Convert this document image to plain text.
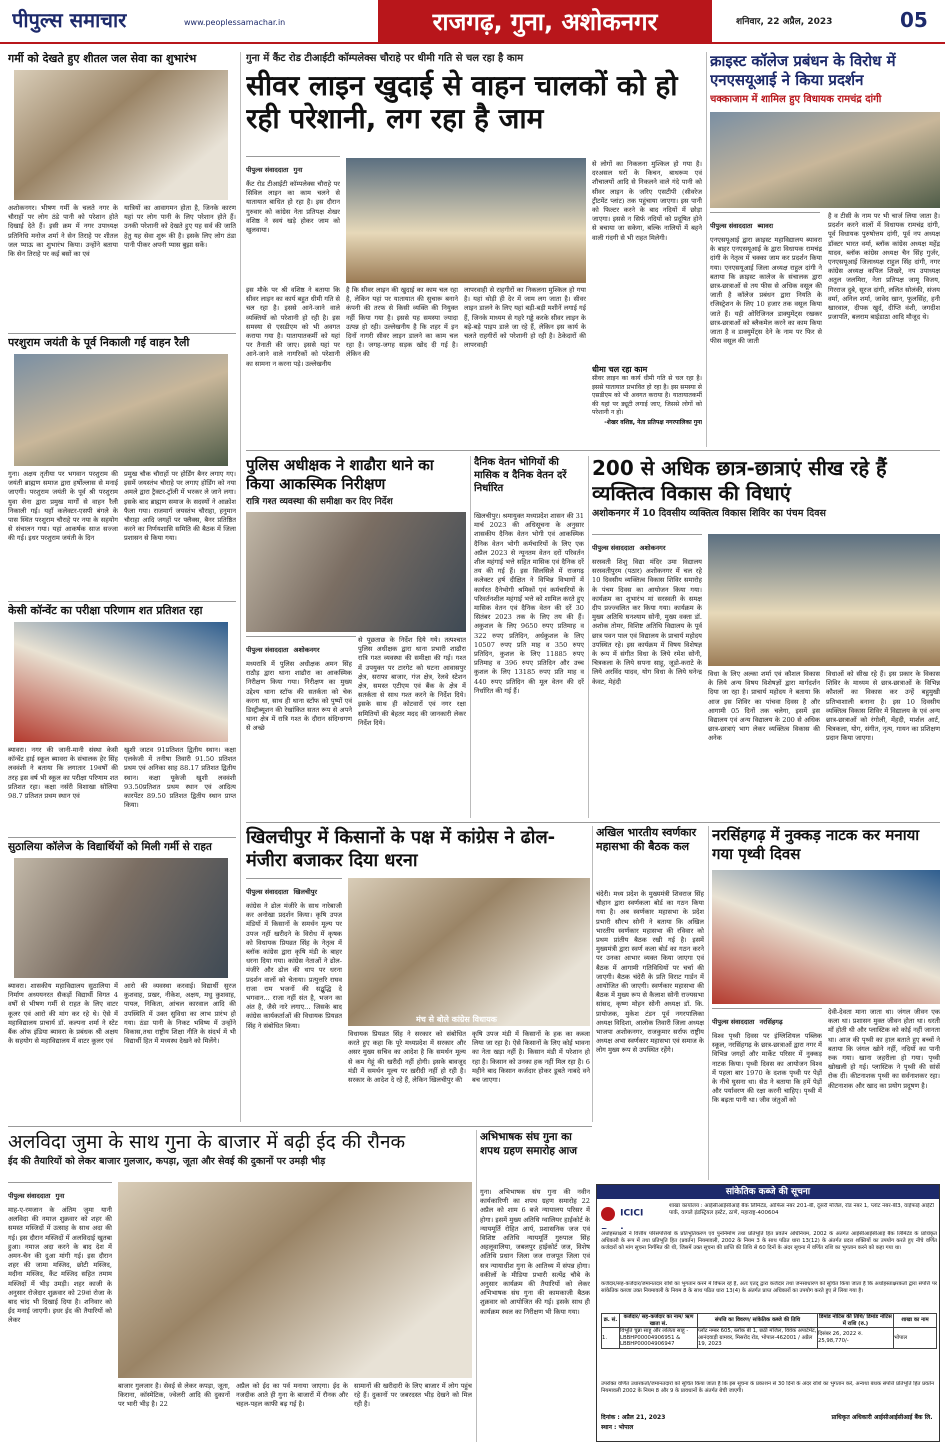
पीपुल्स समाचार	www.peoplessamachar.in	राजगढ़, गुना, अशोकनगर	शनिवार, 22 अप्रैल, 2023	05
गर्मी को देखते हुए शीतल जल सेवा का शुभारंभ
अशोकनगर। भीषण गर्मी के चलते नगर के चौराहों पर लोग ठंडे पानी को परेशान होते दिखाई देते हैं। इसी क्रम में नगर उपाध्यक्ष प्रतिनिधि मनोज शर्मा ने सेन तिराहे पर शीतल जल प्याऊ का शुभारंभ किया। उन्होंने बताया कि सेन तिराहे पर कई बसों का एवं
यात्रियों का आवागमन होता है, जिनके कारण यहां पर लोग पानी के लिए परेशान होते हैं। उनकी परेशानी को देखते हुए यह सर्व की जाति हेतु यह सेवा शुरू की है। इसके लिए लोग ठंडा पानी पीकर अपनी प्यास बुझा सकें।
परशुराम जयंती के पूर्व निकाली गई वाहन रैली
गुना। अक्षय तृतीया पर भगवान परशुराम की जयंती ब्राह्मण समाज द्वारा हर्षोल्लास से मनाई जाएगी। परशुराम जयंती के पूर्व श्री परशुराम युवा सेना द्वारा प्रमुख मार्गों से वाहन रैली निकाली गई। यहाँ कलेक्टर-एसपी बंगले के पास स्थित परशुराम चौराहे पर नया के सहयोग से संचालन गया। यहां आकर्षक साज सज्जा की गई। इधर परशुराम जयंती के दिन
प्रमुख चौक चौराहों पर होर्डिंग बैनर लगाए गए। इसमें जयस्तंभ चौराहे पर लगाए होर्डिंग को नया अमले द्वारा ट्रैक्टर-ट्रॉली में भरकर ले जाने लगा। इसके बाद ब्राह्मण समाज के सदस्यों ने आक्रोश फैला गया। राजमार्ग जयस्तंभ चौराहा, हनुमान चौराहा आदि जगहों पर फ्लैक्स, बैनर प्रतिष्ठित करने का निर्णयशासि समिति की बैठक में जिला प्रशासन से किया गया।
केसी कॉन्वेंट का परीक्षा परिणाम शत प्रतिशत रहा
ब्यावरा। नगर की जानी-मानी संस्था केसी कॉन्वेंट हाई स्कूल ब्यावरा के संचालक हेर सिंह लववंशी ने बताया कि लगातार 19वर्षों की तरह इस वर्ष भी स्कूल का परीक्षा परिणाम शत प्रतिशत रहा। कक्षा नर्सरी विशाखा सोलिया 98.7 प्रतिशत प्रथम स्थान एवं
खुशी जाटव 91प्रतिशत द्वितीय स्थान। कक्षा एलकेजी में तनीषा तिवारी 91.50 प्रतिशत प्रथम एवं अनिका साह 88.17 प्रतिशत द्वितीय स्थान। कक्षा यूकेजी खुशी लववंशी 93.50प्रतिशत प्रथम स्थान एवं आदित्य कारपेंटर 89.50 प्रतिशत द्वितीय स्थान प्राप्त किया।
सुठालिया कॉलेज के विद्यार्थियों को मिली गर्मी से राहत
ब्यावरा। शासकीय महाविद्यालय सुठालिया में निर्माण अध्ययनरत सैकड़ों विद्यार्थी विगत 4 वर्षों से भीषण गर्मी से राहत के लिए वाटर कूलर एवं आरो की मांग कर रहे थे। ऐसे में महाविद्यालय प्राचार्य डॉ. कल्पना शर्मा ने स्टेट बैंक ऑफ इंडिया ब्यावरा के प्रबंधक श्री अक्षय के सहयोग से महाविद्यालय में वाटर कूलर एवं
आरो की व्यवस्था करवाई। विद्यार्थी सुरज कुशवाह, प्रखर, नीकेश, अक्षय, मधु कुशवाह, पायल, निकिता, आंचल कारवाल आदि की उपस्थिति में उक्त सुविधा का लाभ प्रारंभ हो गया। ठंडा पानी के निकट भविष्य में उन्होंने विकास,तथा राष्ट्रीय शिक्षा नीति के संदर्भ में भी विद्यार्थी हित में मध्यस्थ देखने को मिलेंगे।
गुना में कैंट रोड टीआईटी कॉम्पलेक्स चौराहे पर धीमी गति से चल रहा है काम
सीवर लाइन खुदाई से वाहन चालकों को हो रही परेशानी, लग रहा है जाम
पीपुल्स संवाददाता गुना
कैंट रोड टीआईटी कॉम्पलेक्स चौराहे पर सिविल लाइन का काम चलने से यातायात बाधित हो रहा है। इस दौरान गुरुवार को कांग्रेस नेता प्रतिपक्ष शेखर वशिष्ठ ने स्वयं खड़े होकर जाम को खुलवाया।
इस मौके पर श्री वशिष्ठ ने बताया कि सीवर लाइन का कार्य बहुत धीमी गति से चल रहा है। इससे आने-जाने वाले व्यक्तियों को परेशानी हो रही है। इस समस्या से एसडीएम को भी अवगत कराया गया है। यातायातकर्मी को यहां पर तैनाती की जाए। इससे यहां पर आने-जाने वाले नागरिकों को परेशानी का सामना न करना पड़े। उल्लेखनीय
है कि सीवर लाइन की खुदाई का काम चल रहा है, लेकिन यहां पर यातायात की सुचारू बनाने कंपनी की तरफ से किसी व्यक्ति की नियुक्त नहीं किया गया है। इससे यह समस्या ज्यादा उत्पन्न हो रही। उल्लेखनीय है कि शहर में इन दिनों नागरी सीवर लाइन डालने का काम चल रहा है। जगह-जगह सड़क खोद दी गई है। लेकिन की
लापरवाही से राहगीरों का निकलना मुश्किल हो गया है। यहां थोड़ी ही देर में जाम लग जाता है। सीवर लाइन डालने के लिए यहां बड़ी-बड़ी मशीनें लगाई गई हैं, जिनके माध्यम से गहरे गड्ढे करके सीवर लाइन के बड़े-बड़े पाइप डाले जा रहे हैं, लेकिन इस कार्य के चलते राहगीरों को परेशानी हो रही है। ठेकेदारों की लापरवाही
से लोगों का निकलना मुश्किल हो गया है। दरअसल घरों के किचन, बाथरूम एवं शौचालयों आदि से निकलने वाले गंदे पानी को सीवर लाइन के जरिए एसटीपी (सीवरेज ट्रीटमेंट प्लांट) तक पहुंचाया जाएगा। इस पानी को फिल्टर करने के बाद नदियों में छोड़ा जाएगा। इससे न सिर्फ नदियों को प्रदूषित होने से बचाया जा सकेगा, बल्कि नालियों में बहने वाली गंदगी से भी राहत मिलेगी।
धीमा चल रहा काम
सीवर लाइन का कार्य धीमी गति से चल रहा है। इससे यातायात प्रभावित हो रहा है। इस समस्या से एसडीएम को भी अवगत कराया है। यातायातकर्मी की यहां पर ड्यूटी लगाई जाए, जिससे लोगों को परेशानी न हो।
-शेखर वशिष्ठ, नेता प्रतिपक्ष नगरपालिका गुना
क्राइस्ट कॉलेज प्रबंधन के विरोध में एनएसयूआई ने किया प्रदर्शन
चक्काजाम में शामिल हुए विधायक रामचंद्र दांगी
पीपुल्स संवाददाता ब्यावरा
एनएसयूआई द्वारा क्राइस्ट महाविद्यालय ब्यावरा के बाहर एनएसयूआई के द्वारा विधायक रामचंद्र दांगी के नेतृत्व में चक्का जाम कर प्रदर्शन किया गया। एनएसयूआई जिला अध्यक्ष राहुल दांगी ने बताया कि क्राइस्ट कालेज के संचालक द्वारा छात्र-छात्राओं से तय फीस से अधिक वसूल की जाती है कॉलेज प्रबंधन द्वारा नियति के रजिस्ट्रेशन के लिए 10 हजार तक वसूल किया जाते हैं। यही ओरिजिनल डाक्युमेंट्स रखकर छात्र-छात्राओं को ब्लैकमेल करने का काम किया जाता है व डाक्युमेंट्स देने के नाम पर फिर से फीस वसूल की जाती
है व टीसी के नाम पर भी चार्ज लिया जाता है। प्रदर्शन करने वालों में विधायक रामचंद्र दांगी, पूर्व विधायक पुरुषोत्तम दांगी, पूर्व नप अध्यक्ष डॉक्टर भारत वर्मा, ब्लॉक कांग्रेस अध्यक्ष महेंद्र यादव, ब्लॉक कांग्रेस अध्यक्ष चैन सिंह गुर्जर, एनएसयूआई जिलाध्यक्ष राहुल सिंह दांगी, नगर कांग्रेस अध्यक्ष कपिल शिखरे, नप उपाध्यक्ष अतुल जलमिरा, नेता प्रतिपक्ष जामू विजय, गिरराज दुबे, सूरज दांगी, ललित सोलंकी, संजय वर्मा, अनिल शर्मा, जावेद खान, फूलसिंह, हनी खारवाल, दीपक खुर्द, दीप्ति वंशी, जगदीश प्रजापति, बलराम बाईडाठा आदि मौजूद थे।
पुलिस अधीक्षक ने शाढौरा थाने का किया आकस्मिक निरीक्षण
रात्रि गश्त व्यवस्था की समीक्षा कर दिए निर्देश
पीपुल्स संवाददाता अशोकनगर
मध्यरात्रि में पुलिस अधीक्षक अमन सिंह राठौड़ द्वारा थाना शाढौरा का आकस्मिक निरीक्षण किया गया। निरीक्षण का मुख्य उद्देश्य थाना स्टॉफ की सतर्कता को चेक करना था, साथ ही थाना स्टॉफ को पुष्पों एवं डिस्ट्रीब्यूशन की रेखांकित सतत रूप से अपने थाना क्षेत्र में रात्रि गश्त के दौरान संदिग्धगण से अच्छे
से पूछताछ के निर्देश दिये गये। तत्पश्चात पुलिस अधीक्षक द्वारा थाना प्रभारी शाढौरा रात्रि गश्त व्यवस्था की समीक्षा की गई। गश्त में उपयुक्त पर टारगेट को घटना आवासपुर क्षेत्र, सराफा बाजार, गंज क्षेत्र, रेलवे स्टेशन क्षेत्र, समस्त एटीएम एवं बैंक के क्षेत्र में सतर्कता से साथ गश्त करने के निर्देश दिये। इसके साथ ही कोटवारों एवं नगर रक्षा समितियों की बेहतर मदद की जानकारी लेकर निर्देश दिये।
दैनिक वेतन भोगियों की मासिक व दैनिक वेतन दरें निर्धारित
खिलचीपुर। श्रमायुक्त मध्यप्रदेश शासन की 31 मार्च 2023 की अधिसूचना के अनुसार शासकीय दैनिक वेतन भोगी एवं आकस्मिक दैनिक वेतन भोगी कर्मचारियों के लिए एक अप्रैल 2023 से न्यूनतम वेतन दरों परिवर्तन शील महंगाई भत्ते सहित मासिक एवं दैनिक दरें तय की गई हैं। इस सिलसिले में राजगढ़ कलेक्टर हर्ष दीक्षित ने विभिन्न विभागों में कार्यरत दैनेभोगी श्रमिकों एवं कर्मचारियों के परिवर्तनशील महंगाई भत्ते को शामिल करते हुए मासिक वेतन एवं दैनिक वेतन की दरें 30 सितंबर 2023 तक के लिए तय की हैं। अकुशल के लिए 9650 रुपए प्रतिमाह व 322 रुपए प्रतिदिन, अर्धकुशल के लिए 10507 रुपए प्रति माह व 350 रुपए प्रतिदिन, कुशल के लिए 11885 रुपए प्रतिमाह व 396 रुपए प्रतिदिन और उच्च कुशल के लिए 13185 रुपए प्रति माह व 440 रुपए प्रतिदिन की मूल वेतन की दरें निर्धारित की गई हैं।
200 से अधिक छात्र-छात्राएं सीख रहे हैं व्यक्तित्व विकास की विधाएं
अशोकनगर में 10 दिवसीय व्यक्तित्व विकास शिविर का पंचम दिवस
पीपुल्स संवाददाता अशोकनगर
सरस्वती शिशु विद्या मंदिर उमा विद्यालय सरस्वतीपुरम (पठार) अशोकनगर में चल रहे 10 दिवसीय व्यक्तित्व विकास शिविर समारोह के पंचम दिवस का आयोजन किया गया। कार्यक्रम का शुभारंभ मां सरस्वती के समक्ष दीप प्रज्ज्वलित कर किया गया। कार्यक्रम के मुख्य अतिथि घनश्याम सोनी, मुख्य वक्ता डॉ. अशोक तोमर, विशिष्ट अतिथि विद्यालय के पूर्व छात्र पवन पाल एवं विद्यालय के प्राचार्य महोदय उपस्थित रहे। इस कार्यक्रम में विषय विशेषज्ञ के रूप में संगीत विधा के लिये रमेश सोनी, चित्रकला के लिये सपना साहू, जूडो-कराटे के लिये अरविंद यादव, योग विधा के लिये घनेन्द्र केवट, मेहंदी
विधा के लिए अल्का शर्मा एवं कौशल विकास के लिये अन्य विषय विशेषज्ञों द्वारा मार्गदर्शन दिया जा रहा है। प्राचार्य महोदय ने बताया कि आज इस शिविर का पांचवा दिवस है और आगामी 05 दिनों तक चलेगा, इसमें इस विद्यालय एवं अन्य विद्यालय के 200 से अधिक छात्र-छात्राएं भाग लेकर व्यक्तित्व विकास की अनेक
विधाओं को सीख रहे हैं। इस प्रकार के विकास शिविर के माध्यम से छात्र-छात्राओं के विभिन्न कौशलों का विकास कर उन्हें बहुमुखी प्रतिभाशाली बनाना है। इस 10 दिवसीय व्यक्तित्व विकास शिविर में विद्यालय के एवं अन्य छात्र-छात्राओं को रंगोली, मेंहदी, मार्शल आर्ट, चित्रकला, योग, संगीत, नृत्य, गायन का प्रशिक्षण प्रदान किया जाएगा।
खिलचीपुर में किसानों के पक्ष में कांग्रेस ने ढोल-मंजीरा बजाकर दिया धरना
पीपुल्स संवाददाता खिलचीपुर
कांग्रेस ने ढोल मंजीरे के साथ नारेबाजी कर अनोखा प्रदर्शन किया। कृषि उपज मंडियों में किसानों के समर्थन मूल्य पर उपज नहीं खरीदने के विरोध में कृषक को विधायक प्रियव्रत सिंह के नेतृत्व में ब्लॉक कांग्रेस द्वारा कृषि मंडी के बाहर धरना दिया गया। कांग्रेस नेताओं ने ढोल-मंजीरे और ढोल की थाप पर धरना प्रदर्शन वालों को चेताया। प्रत्युत्तरि राघव राजा राम भजनों की सद्बुद्धि दे भगवान... राजा नहीं संत है, भजन का अंत है, जैसे नारे लगाए... जिसके बाद कांग्रेस कार्यकर्ताओं की विधायक प्रियव्रत सिंह ने संबोधित किया।
मंच से बोले कांग्रेस विधायक
विधायक प्रियव्रत सिंह ने सरकार को संबोधित करते हुए कहा कि पूरे मध्यप्रदेश में सरकार और असर मुख्य सचिव का आदेश है कि समर्थन मूल्य से कम गेहूं की खरीदी नहीं होगी। इसके बावजूद मंडी में समर्थन मूल्य पर ख़रीदी नहीं हो रही है। सरकार के आदेश दे रहे हैं, लेकिन खिलचीपुर की
कृषि उपज मंडी में किसानों के हक का कब्जा लिया जा रहा है। ऐसे किसानों के लिए कोई भावना का नेता खड़ा नहीं है। किसान मंडी में परेशान हो रहा है। किसान को उनका हक नहीं मिल रहा है। 6 महीने बाद किसान कर्जदार होकर डूबते नाबदे वने बच जाएगा।
अखिल भारतीय स्वर्णकार महासभा की बैठक कल
चंदेरी। मध्य प्रदेश के मुख्यमंत्री शिवराज सिंह चौहान द्वारा स्वर्णकला बोर्ड का गठन किया गया है। अब स्वर्णकार महासभा के प्रदेश प्रभारी सौरभ सोनी ने बताया कि अखिल भारतीय स्वर्णकार महासभा की रविवार को प्रथम प्रांतीय बैठक रखी गई है। इसमें मुख्यमंत्री द्वारा स्वर्ण कला बोर्ड का गठन करने पर उनका आभार व्यक्त किया जाएगा एवं बैठक में आगामी गतिविधियों पर चर्चा की जाएगी। बैठक चंदेरी के प्रति विराट गार्डन में आयोजित की जाएगी। स्वर्णकार महासभा की बैठक में मुख्य रूप से कैलाश सोनी राज्यसभा सांसद, कृष्ण मोहन सोनी अध्यक्ष डॉ. कि. प्रायोजक, मुकेश टंडन पूर्व नगरपालिका अध्यक्ष विदिशा, आलोक तिवारी जिला अध्यक्ष भाजपा अशोकनगर, राजकुमार सर्राफ राष्ट्रीय अध्यक्ष अभा स्वर्णकार महासभा एवं समाज के लोग मुख्य रूप से उपस्थित रहेंगे।
नरसिंहगढ़ में नुक्कड़ नाटक कर मनाया गया पृथ्वी दिवस
पीपुल्स संवाददाता नरसिंहगढ़
विश्व पृथ्वी दिवस पर इंग्लिशियल पब्लिक स्कूल, नरसिंहगढ़ के छात्र-छात्राओं द्वारा नगर में विभिन्न जगहों और मार्केट परिसर में नुक्कड़ नाटक किया। पृथ्वी दिवस का आयोजन विश्व में पहला बार 1970 के दशक पृथ्वी पर पेड़ों के नीचे घुसना था। सेठ ने बताया कि हमें पेड़ों और पर्यावरण की रक्षा करनी चाहिए। पृथ्वी में कि बढ़ता पानी था। जीव जंतुओं को
देवी-देवता माना जाता था। जंगल जीवन एक कला था। प्रशासन मुक्त जीवन होता था। धरती माँ होती थी और प्लास्टिक को कोई नहीं जानता था। आज की पृथ्वी का हाल बताते हुए बच्चों ने बताया कि जंगल खोने नहीं, नदियों का पानी रुक गया। खाना जहरीला हो गया। पृथ्वी खोखली हो गई। प्लास्टिक ने पृथ्वी की सांसें रोक दीं। कीटनाशक पृथ्वी का सर्वनाशकर रहा। कीटनाशक और खाद का प्रयोग प्रदूषण है।
अलविदा जुमा के साथ गुना के बाजार में बढ़ी ईद की रौनक
ईद की तैयारियों को लेकर बाजार गुलजार, कपड़ा, जूता और सेवई की दुकानों पर उमड़ी भीड़
पीपुल्स संवाददाता गुना
माह-ए-रमजान के अंतिम जुमा यानी अलविदा की नमाज शुक्रवार को शहर की समस्त मस्जिदों में उत्साह के साथ अदा की गई। इस दौरान मस्जिदों में अलविदाई खुतबा हुआ। नमाज अदा करने के बाद देश में अमन-चैन की दुआ मांगी गई। इस दौरान शहर की जामा मस्जिद, छोटी मस्जिद, मदीना मस्जिद, कैंट मस्जिद सहित तमाम मस्जिदों में भीड़ उमड़ी। शहर काजी के अनुसार रोजेदार शुक्रवार को 29वां रोजा के बाद चांद भी दिखाई दिया है। शनिवार को ईद मनाई जाएगी। इधर ईद की तैयारियों को लेकर
बाजार गुलजार है। सेवई से लेकर कपड़ा, जूता, किराना, कॉस्मेटिक, ज्वेलरी आदि की दुकानों पर भारी भीड़ है। 22
अप्रैल को ईद का पर्व मनाया जाएगा। ईद के नजदीक आते ही गुना के बाजारों में रौनक और चहल-पहल काफी बढ़ गई है।
सामानों की खरीदारी के लिए बाजार में लोग पहुंच रहे हैं। दुकानों पर जबरदस्त भीड़ देखने को मिल रही है।
अभिभाषक संघ गुना का शपथ ग्रहण समारोह आज
गुना। अभिभाषक संघ गुना की नवीन कार्यकारिणी का शपथ ग्रहण समारोह 22 अप्रैल को शाम 6 बजे न्यायालय परिसर में होगा। इसमें मुख्य अतिथि ग्वालियर हाईकोर्ट के न्यायमूर्ति रोहित आर्य, प्रशासनिक जज एवं विशिष्ट अतिथि न्यायमूर्ति गुरुपाल सिंह अहलूवालिया, जबलपुर हाईकोर्ट जज, विशेष अतिथि प्रधान जिला जज राजपूत जिला एवं सत्र न्यायाधीश गुना के आतिथ्य में संपन्न होगा। वकीलों के मीडिया प्रभारी सत्येंद्र चौबे के अनुसार कार्यक्रम की तैयारियों को लेकर अभिभाषक संघ गुना की कामकाजी बैठक शुक्रवार को आयोजित की गई। इसके साथ ही कार्यक्रम स्थल का निरीक्षण भी किया गया।
सांकेतिक कब्जे की सूचना
ICICI
शाखा कार्यालय : आईसीआईसीआई बैंक लिमिटेड, ऑफिस नंबर 201-बी, दूसरी मंजिल, रोड नंबर 1, प्लॉट नंबर-बी3, वाईफाई आईटी पार्क, वागले इंडस्ट्रियल इस्टेट, ठाणे, महाराष्ट्र-400604
अधोहस्ताक्षरी ने वित्तीय परिसंपत्तियों के प्रतिभूतिकरण एवं पुनर्निर्माण तथा प्रतिभूति हित प्रवर्तन अधिनियम, 2002 के अंतर्गत आईसीआईसीआई बैंक लिमिटेड के प्राधिकृत अधिकारी के रूप में तथा प्रतिभूति हित (प्रवर्तन) नियमावली, 2002 के नियम 3 के साथ पठित धारा 13(12) के अंतर्गत प्रदत्त शक्तियों का उपयोग करते हुए नीचे वर्णित कर्जदारों को मांग सूचना निर्गमित की थी, जिसमें उक्त सूचना की प्राप्ति की तिथि से 60 दिनों के अंदर सूचना में वर्णित राशि का भुगतान करने को कहा गया था।
कर्जदार/सह-कर्जदार/जमानतदार राशि का भुगतान करने में विफल रहे हैं, अतः एतद् द्वारा कर्जदार तथा जनसाधारण को सूचित किया जाता है कि अधोहस्ताक्षरकर्ता द्वारा संपत्ति पर सांकेतिक कब्जा उक्त नियमावली के नियम 8 के साथ पठित धारा 13(4) के अंतर्गत प्राप्त अधिकारों का उपयोग करते हुए ले लिया गया है।
क्र. सं.	कर्जदार/ सह-कर्जदार का नाम/ ऋण खाता सं.	संपत्ति का विवरण/ सांकेतिक कब्जे की तिथि	डिमांड नोटिस की तिथि/ डिमांड नोटिस में राशि (रु.)	शाखा का नाम
1.	विभूति चुन्ना साहू और ललिता साहू - LBBHP00004906951 & LBBHP00004906947	प्लॉट नम्बर 605, ब्लॉक बी 1, छठी मंजिल, विवेक अपार्टमेंट, आनंदवाड़ी ग्रामवर, मिसरोद रोड, भोपाल-462001 / अप्रैल 19, 2023	दिसंबर 26, 2022 रु. 25,98,770/-	भोपाल
उपरोक्त वर्णित उधारकर्ता/जमानतदारों को सूचित किया जाता है कि इस सूचना के प्रकाशन से 30 दिनों के अंदर राशि का भुगतान करें, अन्यथा बंधक संपत्ति प्रतिभूति हित प्रवर्तन नियमावली 2002 के नियम 8 और 9 के प्रावधानों के अंतर्गत बेची जाएगी।
दिनांक : अप्रैल 21, 2023
स्थान : भोपाल
प्राधिकृत अधिकारी आईसीआईसीआई बैंक लि.
